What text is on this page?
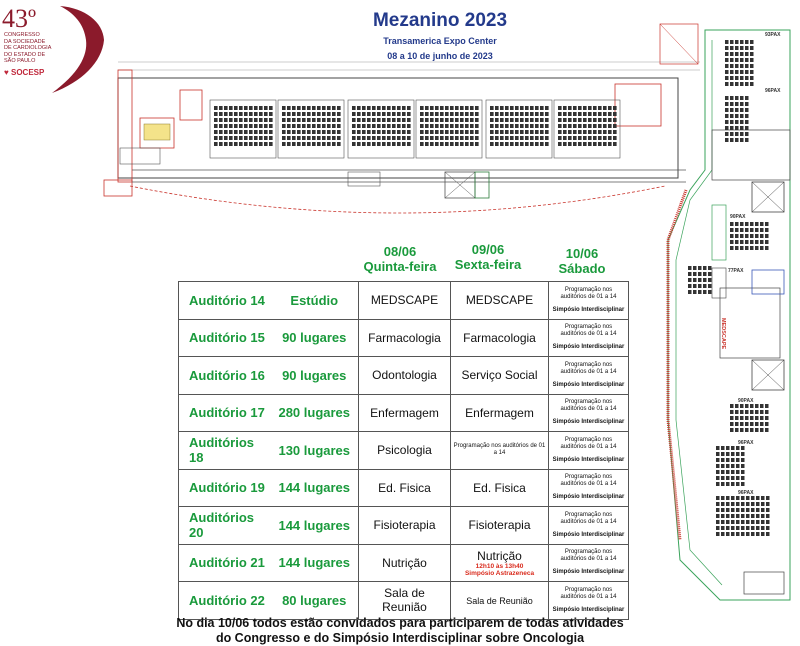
43º
CONGRESSO
DA SOCIEDADE
DE CARDIOLOGIA
DO ESTADO DE
SÃO PAULO
♥ SOCESP
Mezanino 2023
Transamerica Expo Center
08 a 10 de junho de 2023
93PAX
96PAX
90PAX
77PAX
90PAX
96PAX
96PAX
MEDSCAPE
08/06
Quinta-feira
09/06
Sexta-feira
10/06
Sábado
Auditório 14	Estúdio	MEDSCAPE	MEDSCAPE	Programação nos auditórios de 01 a 14
Simpósio Interdisciplinar

Auditório 15	90 lugares	Farmacologia	Farmacologia	Programação nos auditórios de 01 a 14
Simpósio Interdisciplinar

Auditório 16	90 lugares	Odontologia	Serviço Social	Programação nos auditórios de 01 a 14
Simpósio Interdisciplinar

Auditório 17	280 lugares	Enfermagem	Enfermagem	Programação nos auditórios de 01 a 14
Simpósio Interdisciplinar

Auditórios 18	130 lugares	Psicologia	Programação nos auditórios de 01 a 14	Programação nos auditórios de 01 a 14
Simpósio Interdisciplinar

Auditório 19	144 lugares	Ed. Fisica	Ed. Fisica	Programação nos auditórios de 01 a 14
Simpósio Interdisciplinar

Auditórios 20	144 lugares	Fisioterapia	Fisioterapia	Programação nos auditórios de 01 a 14
Simpósio Interdisciplinar

Auditório 21	144 lugares	Nutrição	Nutrição
12h10 às 13h40
Simpósio Astrazeneca	Programação nos auditórios de 01 a 14
Simpósio Interdisciplinar

Auditório 22	80 lugares	Sala de Reunião	Sala de Reunião	Programação nos auditórios de 01 a 14
Simpósio Interdisciplinar
No dia 10/06 todos estão convidados para participarem de todas atividades
do Congresso e do Simpósio Interdisciplinar sobre Oncologia
